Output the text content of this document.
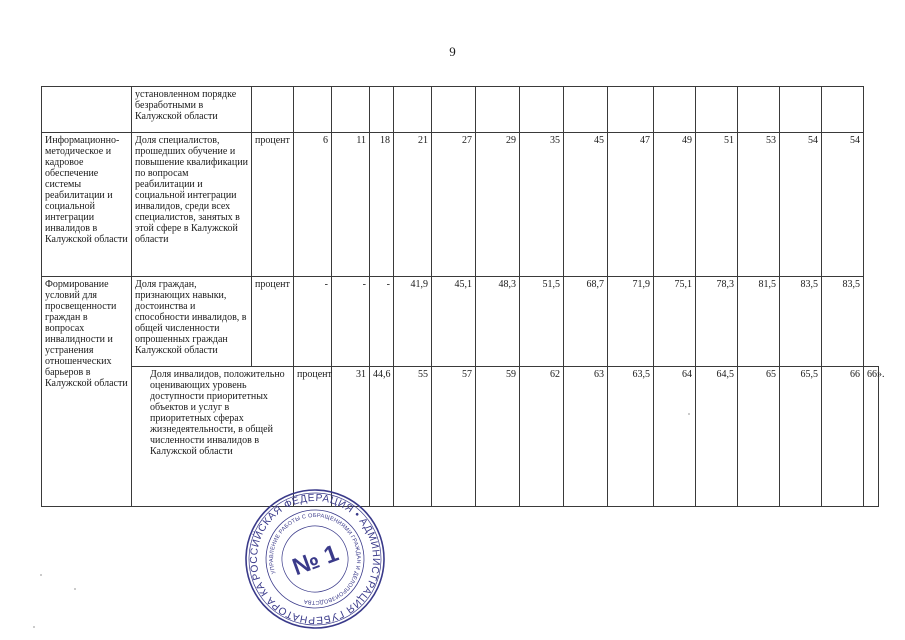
9
	установленном порядке безработными в Калужской области																
Информационно-методическое и кадровое обеспечение системы реабилитации и социальной интеграции инвалидов в Калужской области	Доля специалистов, прошедших обучение и повышение квалификации по вопросам реабилитации и социальной интеграции инвалидов, среди всех специалистов, занятых в этой сфере в Калужской области	процент	6	11	18	21	27	29	35	45	47	49	51	53	54	54	
Формирование условий для просвещенности граждан в вопросах инвалидности и устранения отношенческих барьеров в Калужской области	Доля граждан, признающих навыки, достоинства и способности инвалидов, в общей численности опрошенных граждан Калужской области	процент	-	-	-	41,9	45,1	48,3	51,5	68,7	71,9	75,1	78,3	81,5	83,5	83,5	
	Доля инвалидов, положительно оценивающих уровень доступности приоритетных объектов и услуг в приоритетных сферах жизнедеятельности, в общей численности инвалидов в Калужской области		процент	31	44,6	55	57	59	62	63	63,5	64	64,5	65	65,5	66	66».
РОССИЙСКАЯ ФЕДЕРАЦИЯ • АДМИНИСТРАЦИЯ ГУБЕРНАТОРА КАЛУЖСКОЙ
УПРАВЛЕНИЕ РАБОТЫ С ОБРАЩЕНИЯМИ ГРАЖДАН И ДЕЛОПРОИЗВОДСТВА
№ 1
